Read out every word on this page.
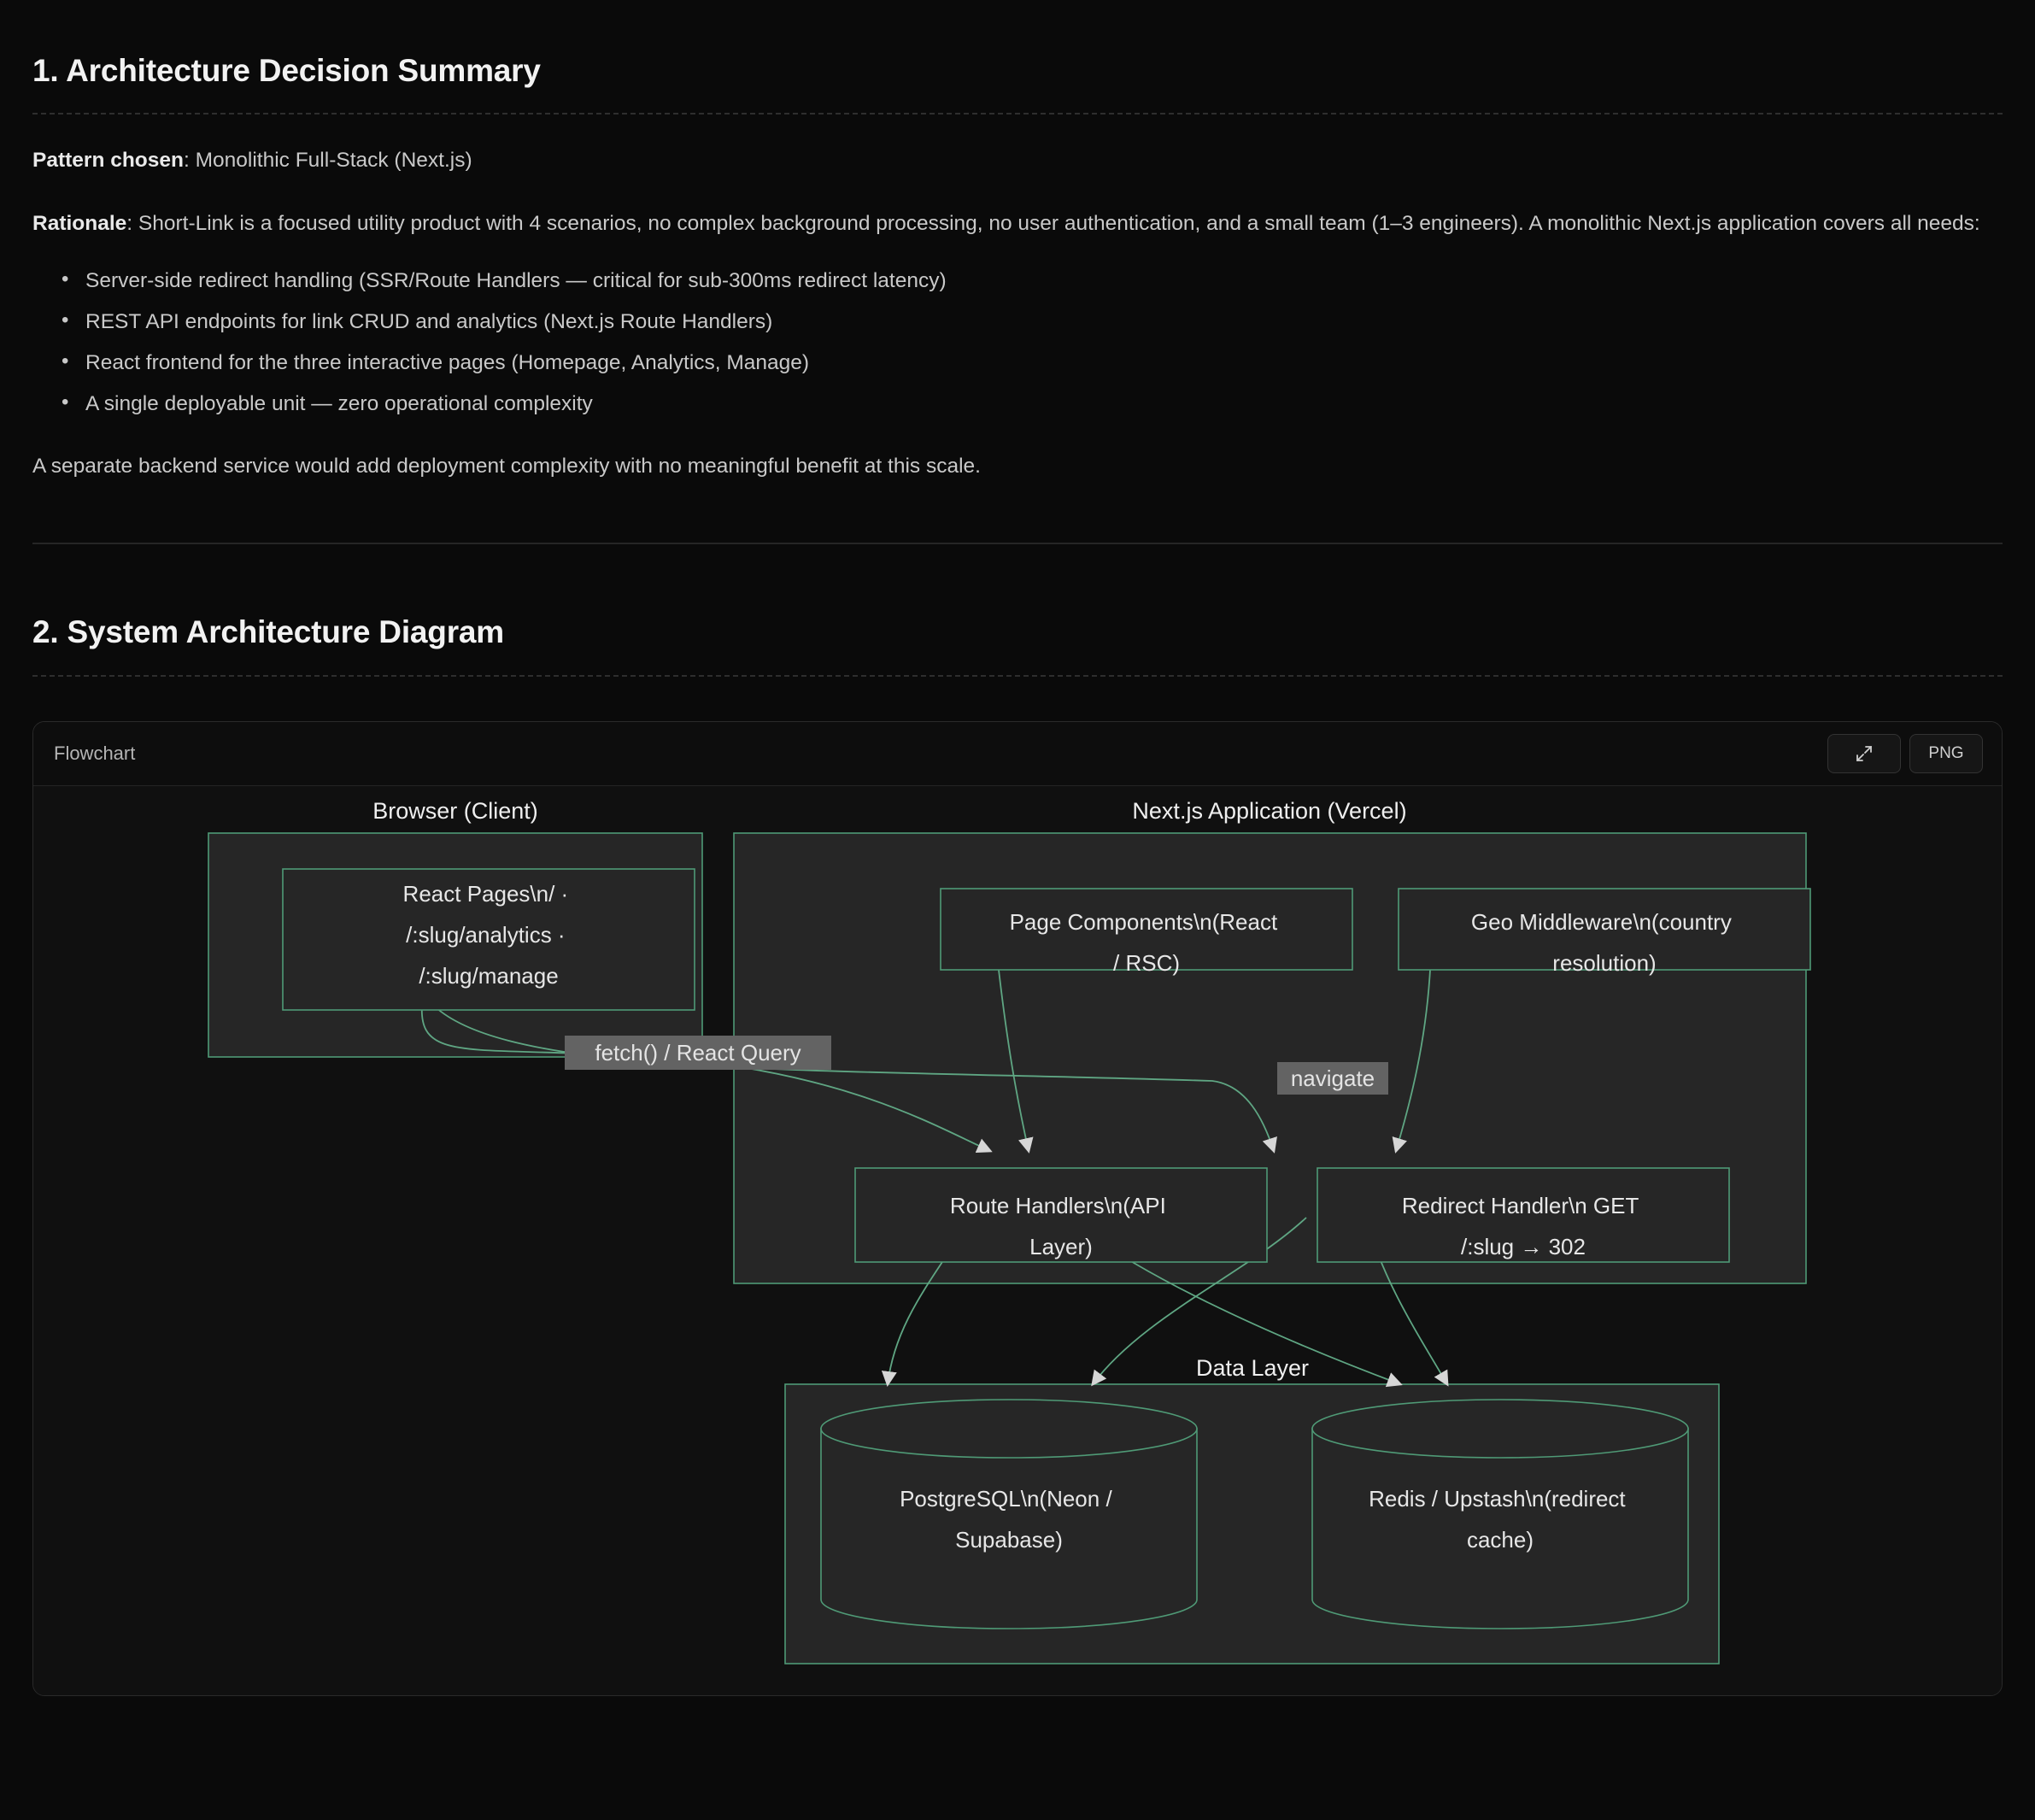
1. Architecture Decision Summary

Pattern chosen: Monolithic Full-Stack (Next.js)

Rationale: Short-Link is a focused utility product with 4 scenarios, no complex background processing, no user authentication, and a small team (1–3 engineers). A monolithic Next.js application covers all needs:

• Server-side redirect handling (SSR/Route Handlers — critical for sub-300ms redirect latency)
• REST API endpoints for link CRUD and analytics (Next.js Route Handlers)
• React frontend for the three interactive pages (Homepage, Analytics, Manage)
• A single deployable unit — zero operational complexity

A separate backend service would add deployment complexity with no meaningful benefit at this scale.

2. System Architecture Diagram
Flowchart	PNG
Browser (Client)	Next.js Application (Vercel)
Data Layer
fetch() / React Query
navigate
React Pages\n/ · /:slug/analytics · /:slug/manage
Page Components\n(React / RSC)
Geo Middleware\n(country resolution)
Route Handlers\n(API Layer)
Redirect Handler\n GET /:slug → 302
PostgreSQL\n(Neon / Supabase)
Redis / Upstash\n(redirect cache)
